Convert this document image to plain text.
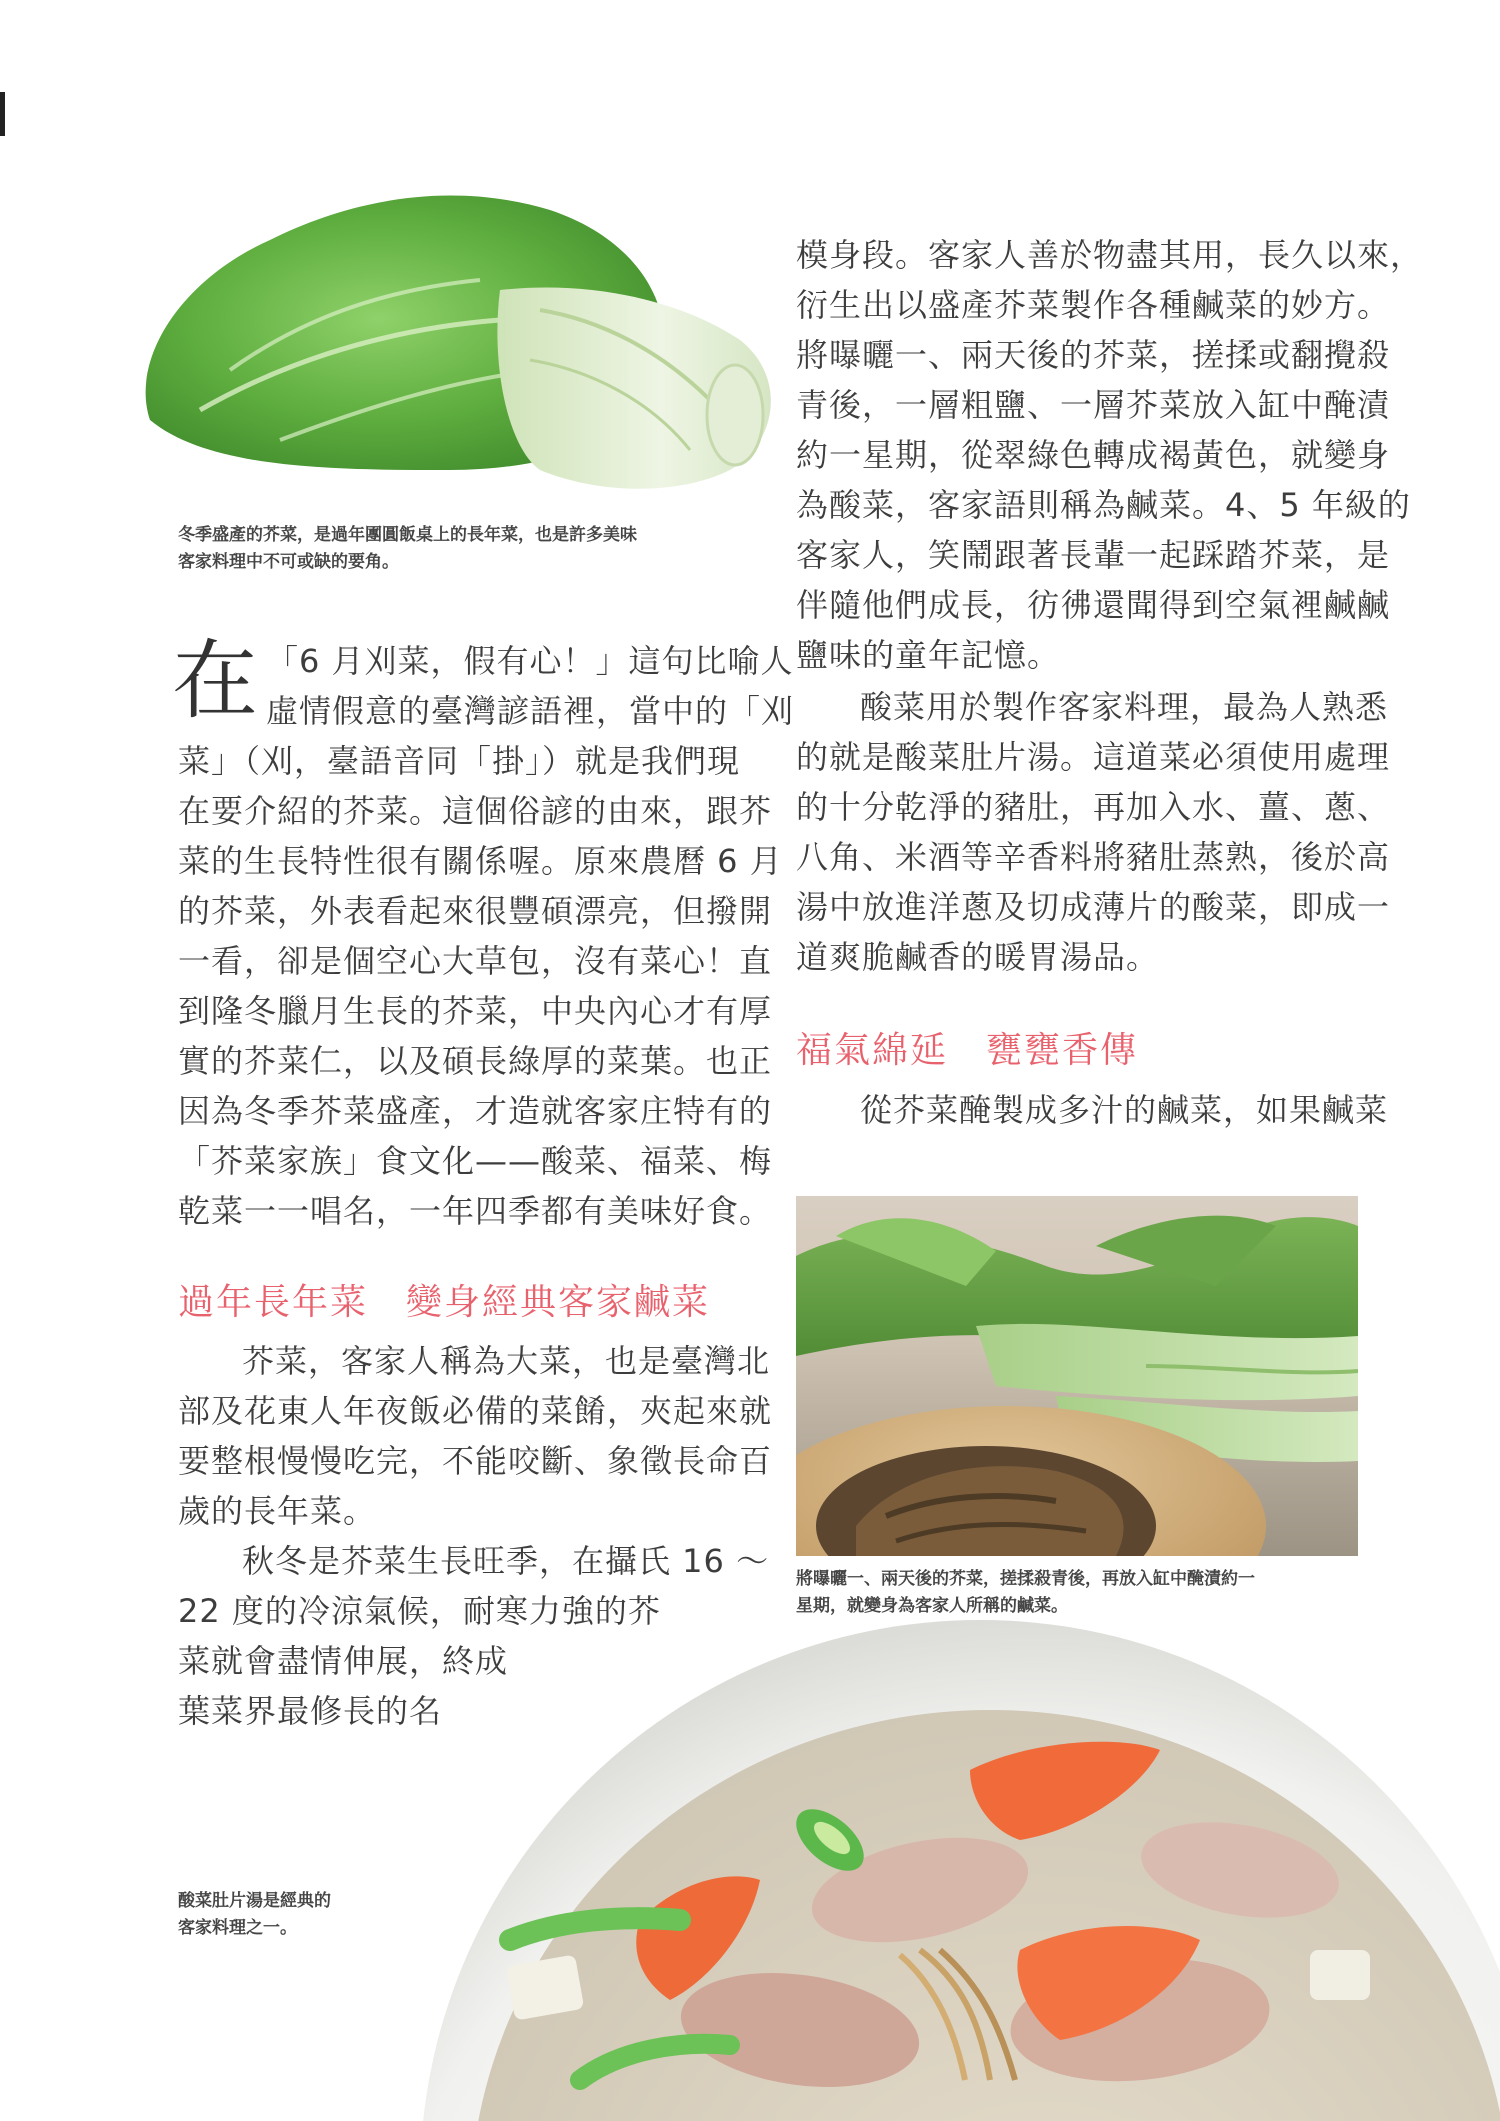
冬季盛產的芥菜，是過年團圓飯桌上的長年菜，也是許多美味
客家料理中不可或缺的要角。
在 「6 月刈菜，假有心！」這句比喻人
虛情假意的臺灣諺語裡，當中的「刈
菜」（刈，臺語音同「掛」）就是我們現
在要介紹的芥菜。這個俗諺的由來，跟芥
菜的生長特性很有關係喔。原來農曆 6 月
的芥菜，外表看起來很豐碩漂亮，但撥開
一看，卻是個空心大草包，沒有菜心！直
到隆冬臘月生長的芥菜，中央內心才有厚
實的芥菜仁，以及碩長綠厚的菜葉。也正
因為冬季芥菜盛產，才造就客家庄特有的
「芥菜家族」食文化——酸菜、福菜、梅
乾菜一一唱名，一年四季都有美味好食。
過年長年菜　變身經典客家鹹菜
芥菜，客家人稱為大菜，也是臺灣北
部及花東人年夜飯必備的菜餚，夾起來就
要整根慢慢吃完，不能咬斷、象徵長命百
歲的長年菜。
秋冬是芥菜生長旺季，在攝氏 16 ～
22 度的冷涼氣候，耐寒力強的芥
菜就會盡情伸展，終成
葉菜界最修長的名
模身段。客家人善於物盡其用，長久以來，
衍生出以盛產芥菜製作各種鹹菜的妙方。
將曝曬一、兩天後的芥菜，搓揉或翻攪殺
青後，一層粗鹽、一層芥菜放入缸中醃漬
約一星期，從翠綠色轉成褐黃色，就變身
為酸菜，客家語則稱為鹹菜。4、5 年級的
客家人，笑鬧跟著長輩一起踩踏芥菜，是
伴隨他們成長，彷彿還聞得到空氣裡鹹鹹
鹽味的童年記憶。
酸菜用於製作客家料理，最為人熟悉
的就是酸菜肚片湯。這道菜必須使用處理
的十分乾淨的豬肚，再加入水、薑、蔥、
八角、米酒等辛香料將豬肚蒸熟，後於高
湯中放進洋蔥及切成薄片的酸菜，即成一
道爽脆鹹香的暖胃湯品。
福氣綿延　甕甕香傳
從芥菜醃製成多汁的鹹菜，如果鹹菜
將曝曬一、兩天後的芥菜，搓揉殺青後，再放入缸中醃漬約一
星期，就變身為客家人所稱的鹹菜。
酸菜肚片湯是經典的
客家料理之一。
